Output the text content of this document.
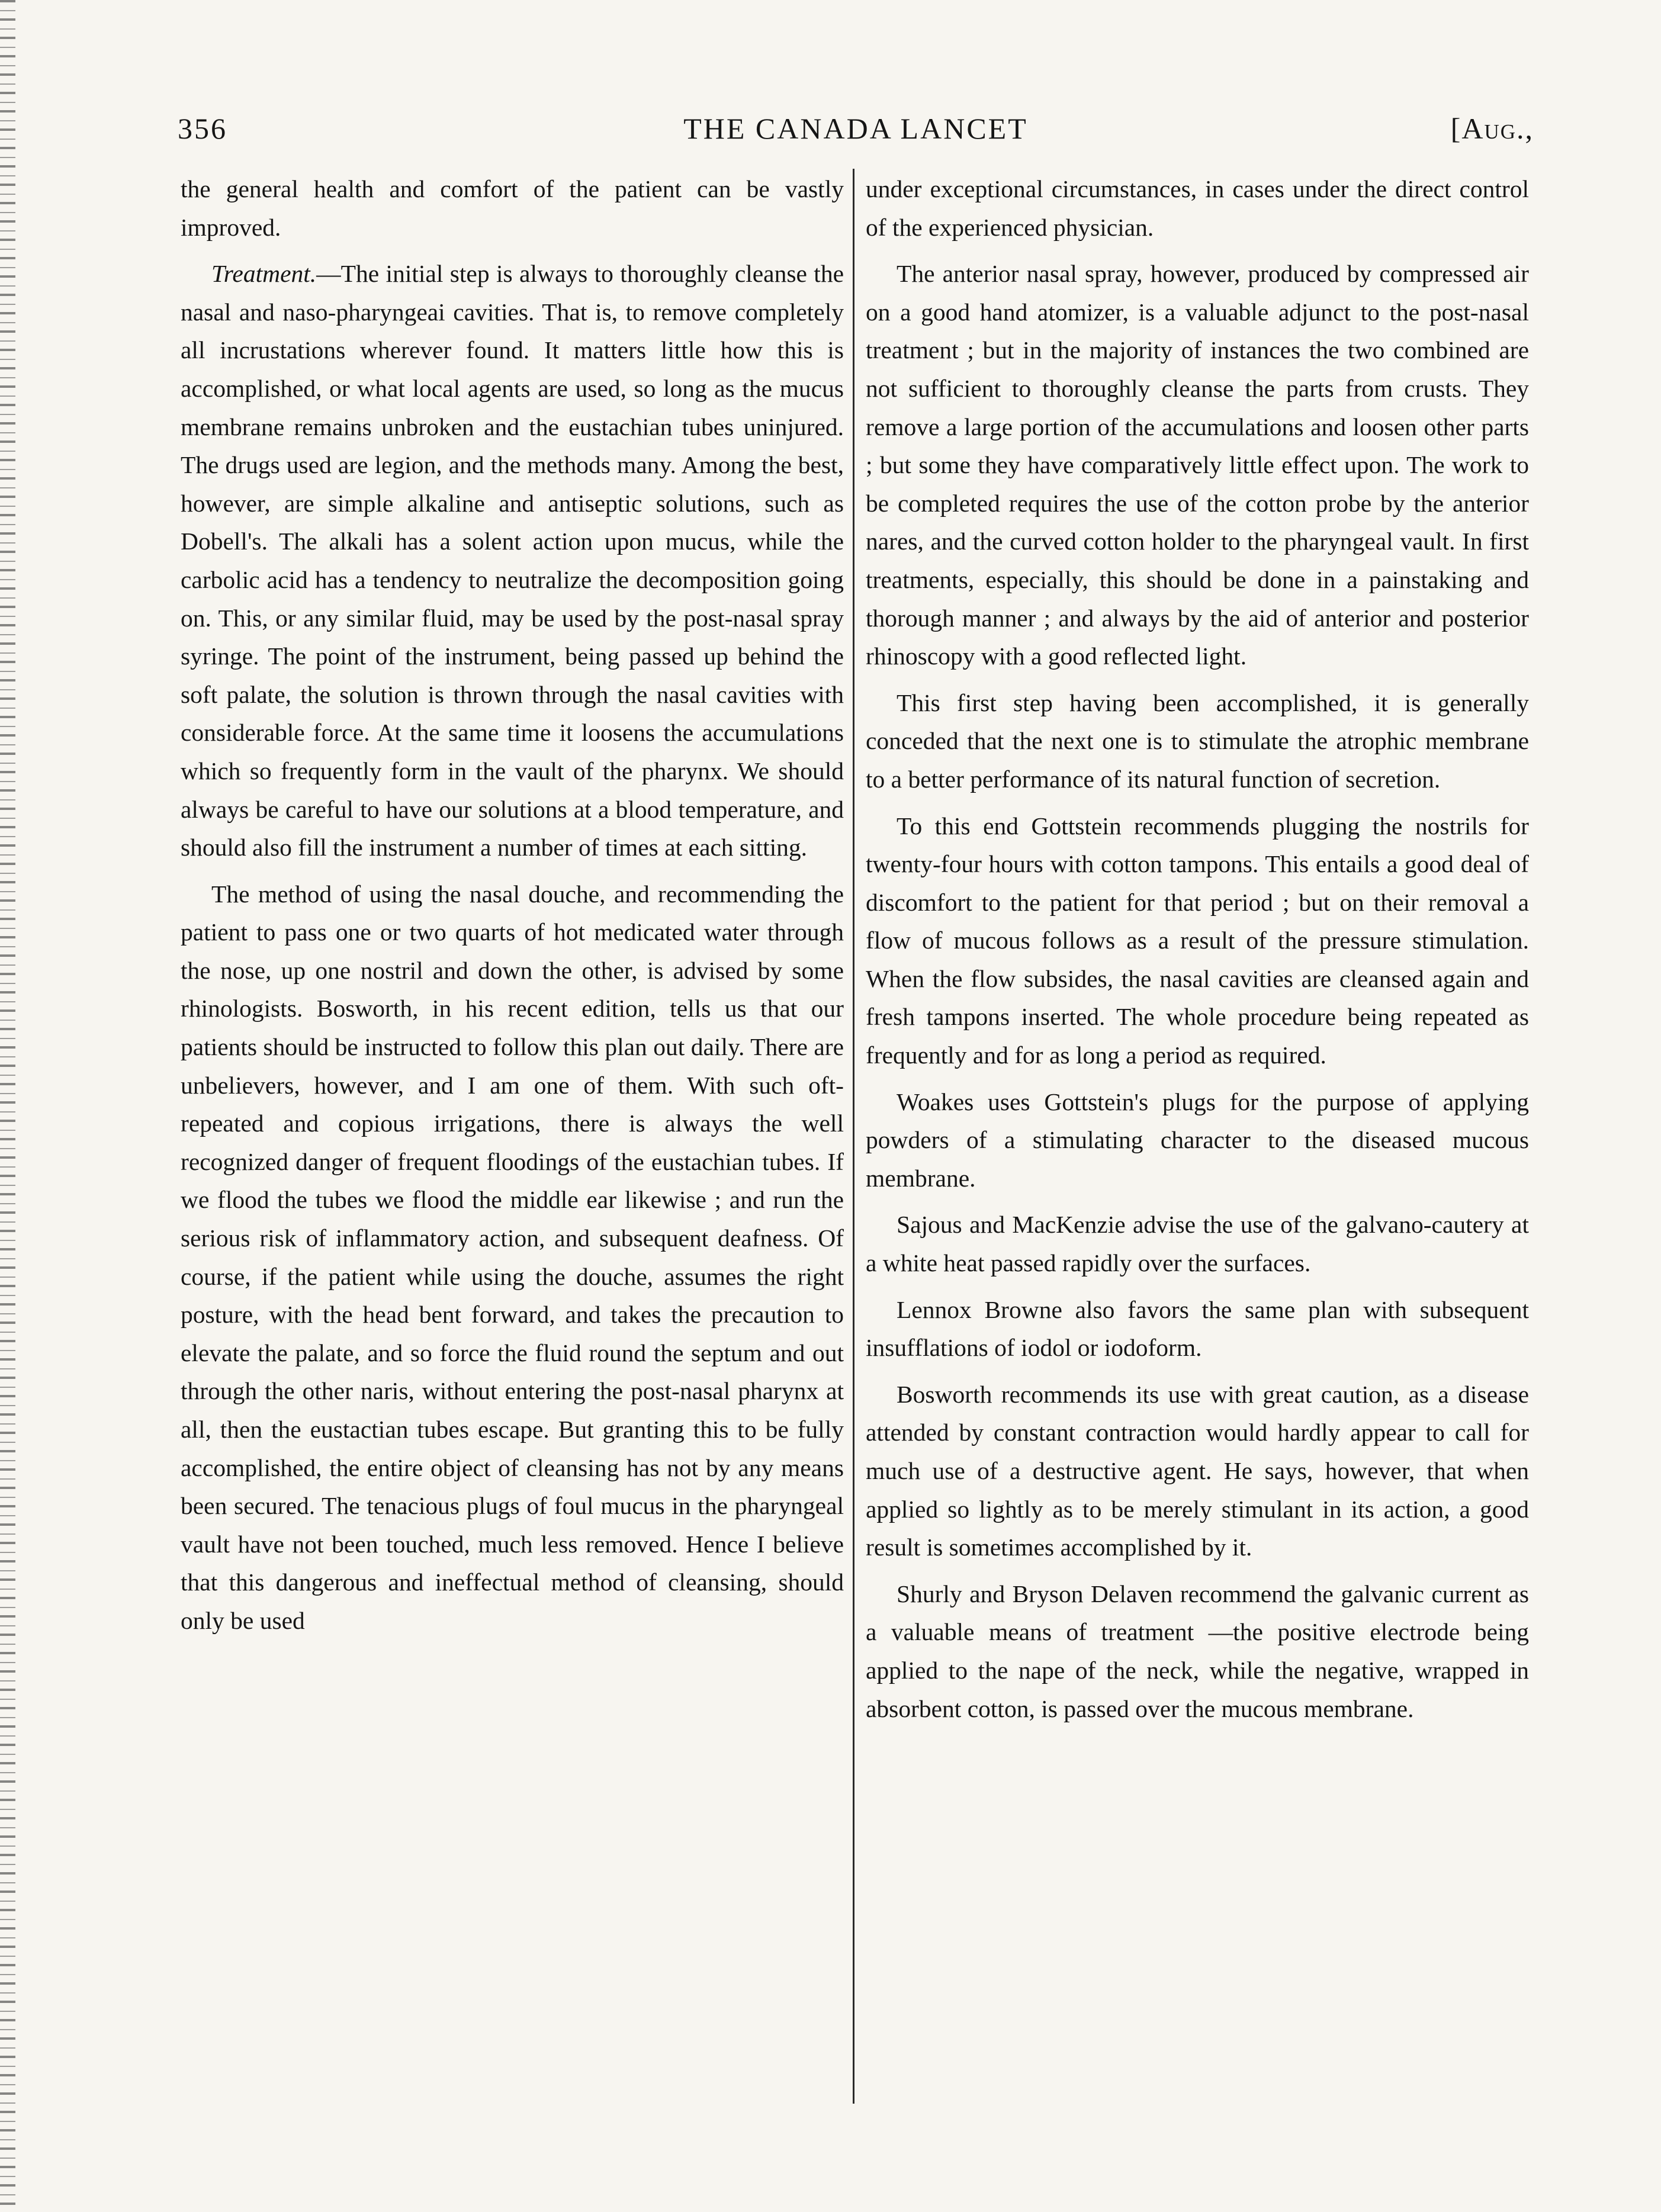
356	THE CANADA LANCET	[Aug.,

the general health and comfort of the patient can be vastly improved.

Treatment.—The initial step is always to thoroughly cleanse the nasal and naso-pharyngeai cavities. That is, to remove completely all incrustations wherever found. It matters little how this is accomplished, or what local agents are used, so long as the mucus membrane remains unbroken and the eustachian tubes uninjured. The drugs used are legion, and the methods many. Among the best, however, are simple alkaline and antiseptic solutions, such as Dobell's. The alkali has a solent action upon mucus, while the carbolic acid has a tendency to neutralize the decomposition going on. This, or any similar fluid, may be used by the post-nasal spray syringe. The point of the instrument, being passed up behind the soft palate, the solution is thrown through the nasal cavities with considerable force. At the same time it loosens the accumulations which so frequently form in the vault of the pharynx. We should always be careful to have our solutions at a blood temperature, and should also fill the instrument a number of times at each sitting.

The method of using the nasal douche, and recommending the patient to pass one or two quarts of hot medicated water through the nose, up one nostril and down the other, is advised by some rhinologists. Bosworth, in his recent edition, tells us that our patients should be instructed to follow this plan out daily. There are unbelievers, however, and I am one of them. With such oft-repeated and copious irrigations, there is always the well recognized danger of frequent floodings of the eustachian tubes. If we flood the tubes we flood the middle ear likewise ; and run the serious risk of inflammatory action, and subsequent deafness. Of course, if the patient while using the douche, assumes the right posture, with the head bent forward, and takes the precaution to elevate the palate, and so force the fluid round the septum and out through the other naris, without entering the post-nasal pharynx at all, then the eustactian tubes escape. But granting this to be fully accomplished, the entire object of cleansing has not by any means been secured. The tenacious plugs of foul mucus in the pharyngeal vault have not been touched, much less removed. Hence I believe that this dangerous and ineffectual method of cleansing, should only be used

under exceptional circumstances, in cases under the direct control of the experienced physician.

The anterior nasal spray, however, produced by compressed air on a good hand atomizer, is a valuable adjunct to the post-nasal treatment ; but in the majority of instances the two combined are not sufficient to thoroughly cleanse the parts from crusts. They remove a large portion of the accumulations and loosen other parts ; but some they have comparatively little effect upon. The work to be completed requires the use of the cotton probe by the anterior nares, and the curved cotton holder to the pharyngeal vault. In first treatments, especially, this should be done in a painstaking and thorough manner ; and always by the aid of anterior and posterior rhinoscopy with a good reflected light.

This first step having been accomplished, it is generally conceded that the next one is to stimulate the atrophic membrane to a better performance of its natural function of secretion.

To this end Gottstein recommends plugging the nostrils for twenty-four hours with cotton tampons. This entails a good deal of discomfort to the patient for that period ; but on their removal a flow of mucous follows as a result of the pressure stimulation. When the flow subsides, the nasal cavities are cleansed again and fresh tampons inserted. The whole procedure being repeated as frequently and for as long a period as required.

Woakes uses Gottstein's plugs for the purpose of applying powders of a stimulating character to the diseased mucous membrane.

Sajous and MacKenzie advise the use of the galvano-cautery at a white heat passed rapidly over the surfaces.

Lennox Browne also favors the same plan with subsequent insufflations of iodol or iodoform.

Bosworth recommends its use with great caution, as a disease attended by constant contraction would hardly appear to call for much use of a destructive agent. He says, however, that when applied so lightly as to be merely stimulant in its action, a good result is sometimes accomplished by it.

Shurly and Bryson Delaven recommend the galvanic current as a valuable means of treatment —the positive electrode being applied to the nape of the neck, while the negative, wrapped in absorbent cotton, is passed over the mucous membrane.
